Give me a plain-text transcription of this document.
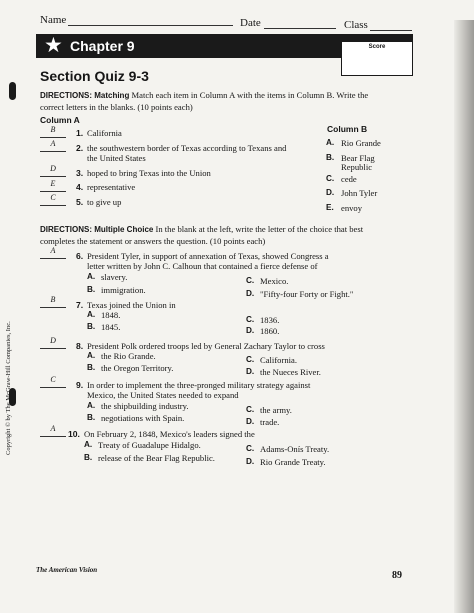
Name	Date	Class
★ Chapter 9	Score
Section Quiz 9-3
DIRECTIONS: Matching Match each item in Column A with the items in Column B. Write the correct letters in the blanks. (10 points each)
Column A
Column B
B	1. California
A	2. the southwestern border of Texas according to Texans and
the United States
D	3. hoped to bring Texas into the Union
E	4. representative
C	5. to give up
A. Rio Grande
B. Bear Flag
Republic
C. cede
D. John Tyler
E. envoy
DIRECTIONS: Multiple Choice In the blank at the left, write the letter of the choice that best completes the statement or answers the question. (10 points each)
A
6. President Tyler, in support of annexation of Texas, showed Congress a
letter written by John C. Calhoun that contained a fierce defense of
A. slavery.	C. Mexico.
B. immigration.	D. "Fifty-four Forty or Fight."
B
7. Texas joined the Union in
A. 1848.	C. 1836.
B. 1845.	D. 1860.
D
8. President Polk ordered troops led by General Zachary Taylor to cross
A. the Rio Grande.	C. California.
B. the Oregon Territory.	D. the Nueces River.
C
9. In order to implement the three-pronged military strategy against
Mexico, the United States needed to expand
A. the shipbuilding industry.	C. the army.
B. negotiations with Spain.	D. trade.
A
10. On February 2, 1848, Mexico's leaders signed the
A. Treaty of Guadalupe Hidalgo.	C. Adams-Onís Treaty.
B. release of the Bear Flag Republic.	D. Rio Grande Treaty.
Copyright © by The McGraw-Hill Companies, Inc.
The American Vision	89
